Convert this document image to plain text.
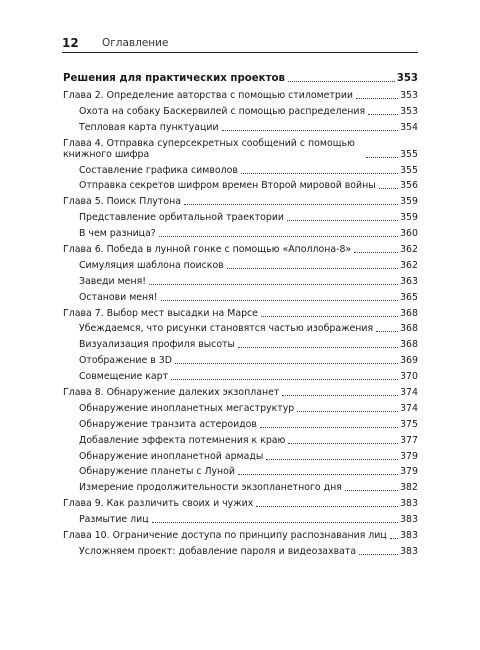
12 Оглавление
Решения для практических проектов	353
Глава 2. Определение авторства с помощью стилометрии	353
Охота на собаку Баскервилей с помощью распределения	353
Тепловая карта пунктуации	354
Глава 4. Отправка суперсекретных сообщений с помощью книжного шифра	355
Составление графика символов	355
Отправка секретов шифром времен Второй мировой войны	356
Глава 5. Поиск Плутона	359
Представление орбитальной траектории	359
В чем разница?	360
Глава 6. Победа в лунной гонке с помощью «Аполлона-8»	362
Симуляция шаблона поисков	362
Заведи меня!	363
Останови меня!	365
Глава 7. Выбор мест высадки на Марсе	368
Убеждаемся, что рисунки становятся частью изображения	368
Визуализация профиля высоты	368
Отображение в 3D	369
Совмещение карт	370
Глава 8. Обнаружение далеких экзопланет	374
Обнаружение инопланетных мегаструктур	374
Обнаружение транзита астероидов	375
Добавление эффекта потемнения к краю	377
Обнаружение инопланетной армады	379
Обнаружение планеты с Луной	379
Измерение продолжительности экзопланетного дня	382
Глава 9. Как различить своих и чужих	383
Размытие лиц	383
Глава 10. Ограничение доступа по принципу распознавания лиц 383
Усложняем проект: добавление пароля и видеозахвата	383
